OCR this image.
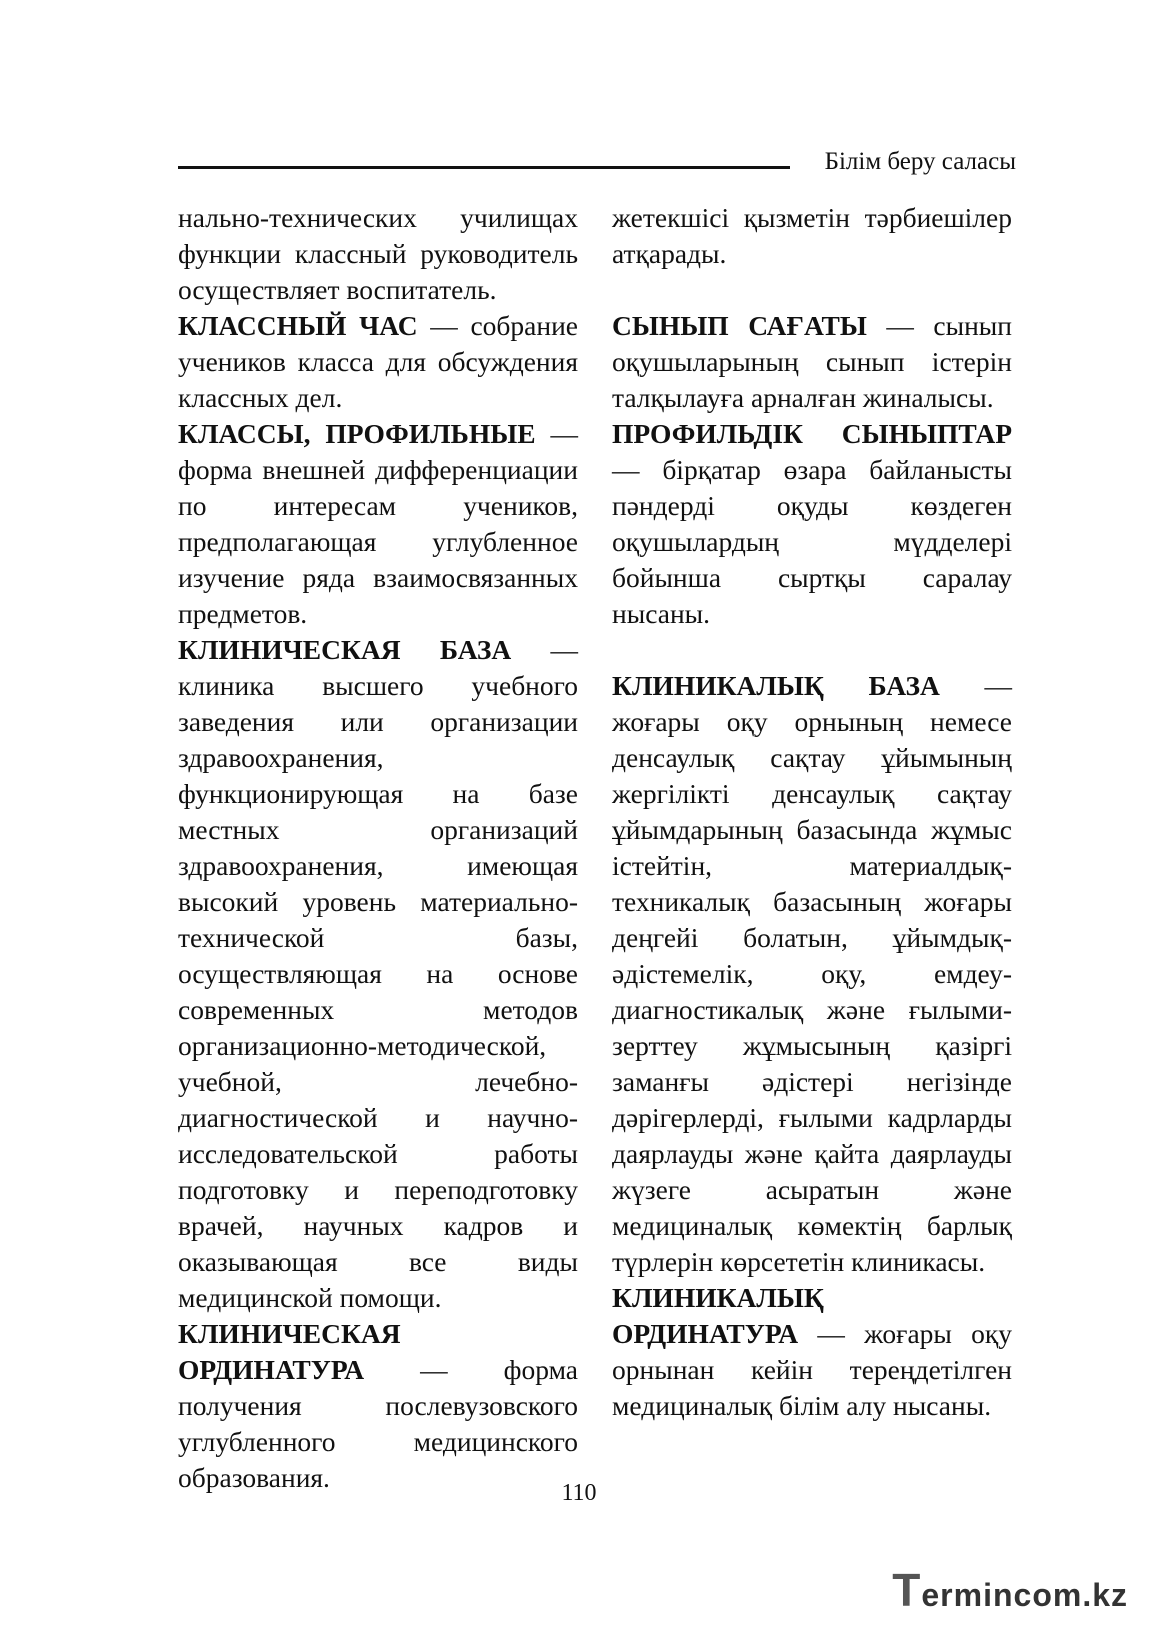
Білім беру саласы

нально-технических училищах функции классный руководитель осуществляет воспитатель.

КЛАССНЫЙ ЧАС — собрание учеников класса для обсуждения классных дел.

КЛАССЫ, ПРОФИЛЬНЫЕ — форма внешней дифференциации по интересам учеников, предполагающая углубленное изучение ряда взаимосвязанных предметов.

КЛИНИЧЕСКАЯ БАЗА — клиника высшего учебного заведения или организации здравоохранения, функционирующая на базе местных организаций здравоохранения, имеющая высокий уровень материально-технической базы, осуществляющая на основе современных методов организационно-методической, учебной, лечебно-диагностической и научно-исследовательской работы подготовку и переподготовку врачей, научных кадров и оказывающая все виды медицинской помощи.

КЛИНИЧЕСКАЯ ОРДИНАТУРА — форма получения послевузовского углубленного медицинского образования.

жетекшісі қызметін тәрбиешілер атқарады.

СЫНЫП САҒАТЫ — сынып оқушыларының сынып істерін талқылауға арналған жиналысы.

ПРОФИЛЬДІК СЫНЫПТАР — бірқатар өзара байланысты пәндерді оқуды көздеген оқушылардың мүдделері бойынша сыртқы саралау нысаны.

КЛИНИКАЛЫҚ БАЗА — жоғары оқу орнының немесе денсаулық сақтау ұйымының жергілікті денсаулық сақтау ұйымдарының базасында жұмыс істейтін, материалдық-техникалық базасының жоғары деңгейі болатын, ұйымдық-әдістемелік, оқу, емдеу-диагностикалық және ғылыми-зерттеу жұмысының қазіргі заманғы әдістері негізінде дәрігерлерді, ғылыми кадрларды даярлауды және қайта даярлауды жүзеге асыратын және медициналық көмектің барлық түрлерін көрсететін клиникасы.

КЛИНИКАЛЫҚ ОРДИНАТУРА — жоғары оқу орнынан кейін тереңдетілген медициналық білім алу нысаны.

110
Termincom.kz
